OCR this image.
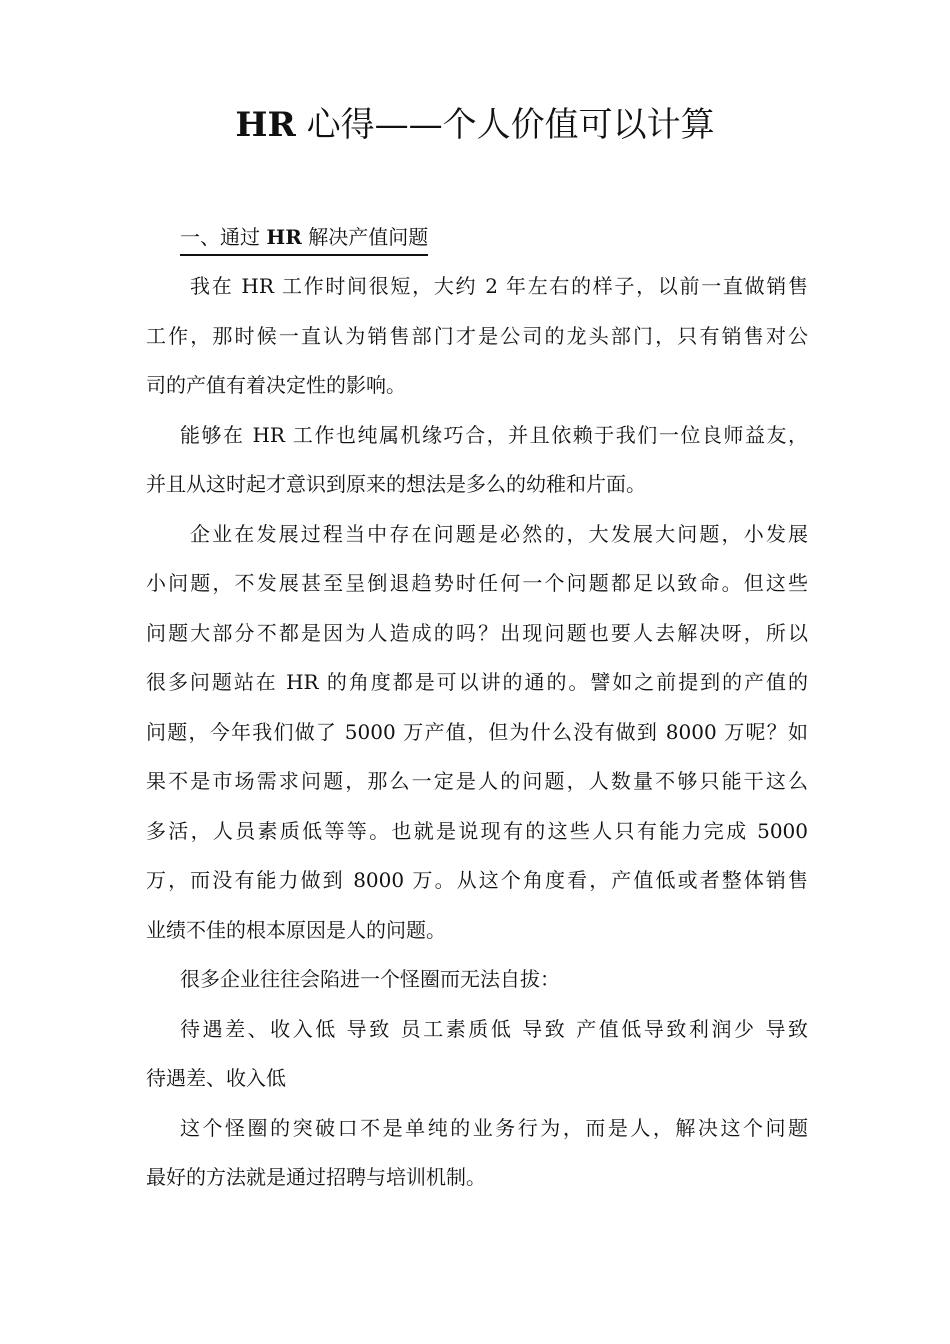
HR 心得——个人价值可以计算
一、通过 HR 解决产值问题
我在 HR 工作时间很短，大约 2 年左右的样子，以前一直做销售
工作，那时候一直认为销售部门才是公司的龙头部门，只有销售对公
司的产值有着决定性的影响。
能够在 HR 工作也纯属机缘巧合，并且依赖于我们一位良师益友，
并且从这时起才意识到原来的想法是多么的幼稚和片面。
企业在发展过程当中存在问题是必然的，大发展大问题，小发展
小问题，不发展甚至呈倒退趋势时任何一个问题都足以致命。但这些
问题大部分不都是因为人造成的吗？出现问题也要人去解决呀，所以
很多问题站在 HR 的角度都是可以讲的通的。譬如之前提到的产值的
问题，今年我们做了 5000 万产值，但为什么没有做到 8000 万呢？如
果不是市场需求问题，那么一定是人的问题，人数量不够只能干这么
多活，人员素质低等等。也就是说现有的这些人只有能力完成 5000
万，而没有能力做到 8000 万。从这个角度看，产值低或者整体销售
业绩不佳的根本原因是人的问题。
很多企业往往会陷进一个怪圈而无法自拔：
待遇差、收入低 导致 员工素质低 导致 产值低导致利润少 导致
待遇差、收入低
这个怪圈的突破口不是单纯的业务行为，而是人，解决这个问题
最好的方法就是通过招聘与培训机制。
